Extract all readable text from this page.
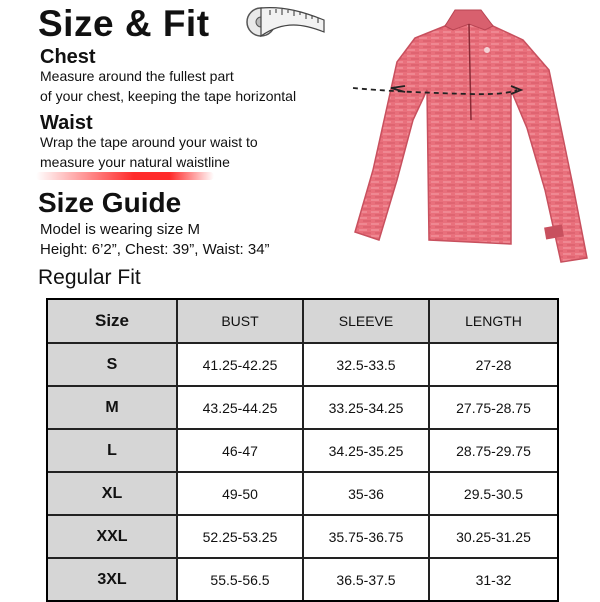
Size & Fit
Chest
Measure around the fullest part
of your chest, keeping the tape horizontal
Waist
Wrap the tape around your waist to
measure your natural waistline
Size Guide
Model is wearing size M
Height: 6’2”, Chest: 39”, Waist: 34”
Regular Fit
Size	BUST	SLEEVE	LENGTH
S	41.25-42.25	32.5-33.5	27-28
M	43.25-44.25	33.25-34.25	27.75-28.75
L	46-47	34.25-35.25	28.75-29.75
XL	49-50	35-36	29.5-30.5
XXL	52.25-53.25	35.75-36.75	30.25-31.25
3XL	55.5-56.5	36.5-37.5	31-32
